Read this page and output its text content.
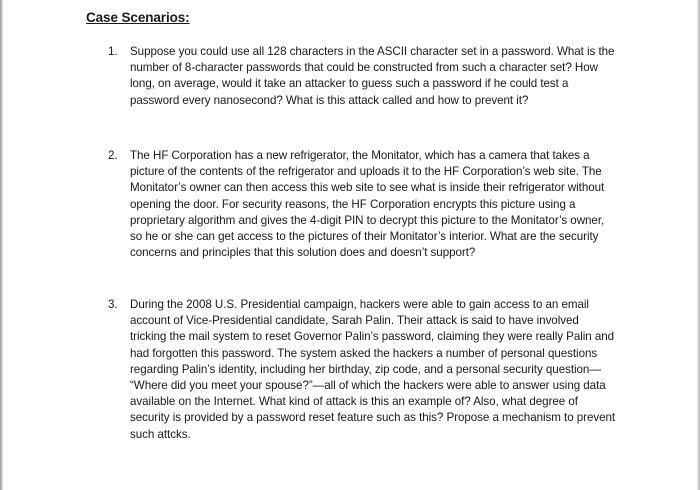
Case Scenarios:
1.	Suppose you could use all 128 characters in the ASCII character set in a password. What is the number of 8-character passwords that could be constructed from such a character set? How long, on average, would it take an attacker to guess such a password if he could test a password every nanosecond? What is this attack called and how to prevent it?
2.	The HF Corporation has a new refrigerator, the Monitator, which has a camera that takes a picture of the contents of the refrigerator and uploads it to the HF Corporation’s web site. The Monitator’s owner can then access this web site to see what is inside their refrigerator without opening the door. For security reasons, the HF Corporation encrypts this picture using a proprietary algorithm and gives the 4-digit PIN to decrypt this picture to the Monitator’s owner, so he or she can get access to the pictures of their Monitator’s interior. What are the security concerns and principles that this solution does and doesn’t support?
3.	During the 2008 U.S. Presidential campaign, hackers were able to gain access to an email account of Vice-Presidential candidate, Sarah Palin. Their attack is said to have involved tricking the mail system to reset Governor Palin’s password, claiming they were really Palin and had forgotten this password. The system asked the hackers a number of personal questions regarding Palin’s identity, including her birthday, zip code, and a personal security question— “Where did you meet your spouse?”—all of which the hackers were able to answer using data available on the Internet. What kind of attack is this an example of? Also, what degree of security is provided by a password reset feature such as this? Propose a mechanism to prevent such attcks.
